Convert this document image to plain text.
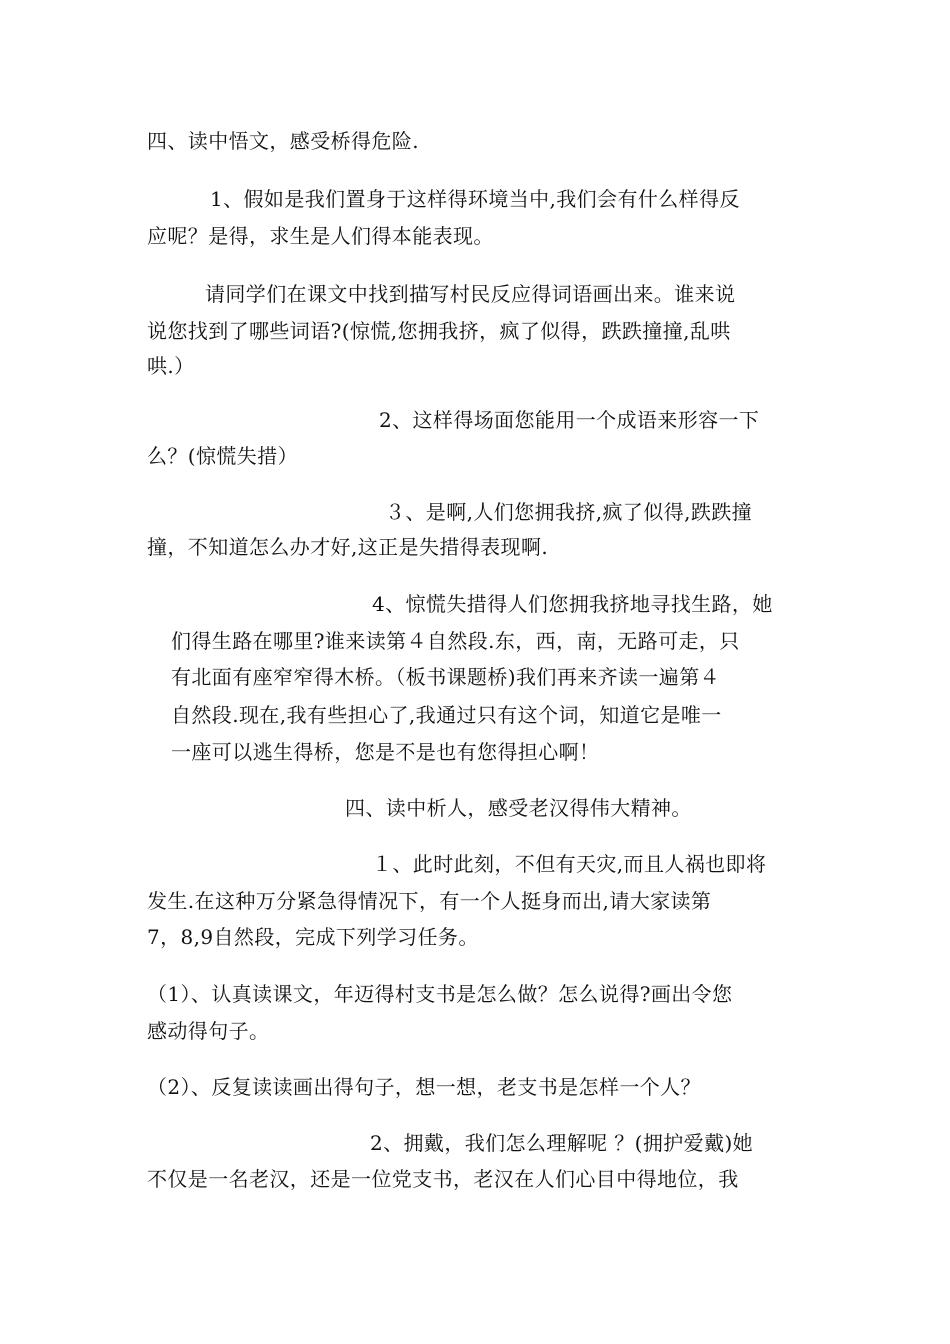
四、读中悟文，感受桥得危险.
1、假如是我们置身于这样得环境当中,我们会有什么样得反
应呢？是得，求生是人们得本能表现。
请同学们在课文中找到描写村民反应得词语画出来。谁来说
说您找到了哪些词语?(惊慌,您拥我挤，疯了似得，跌跌撞撞,乱哄
哄.）
2、这样得场面您能用一个成语来形容一下
么？(惊慌失措）
３、是啊,人们您拥我挤,疯了似得,跌跌撞
撞，不知道怎么办才好,这正是失措得表现啊.
4、惊慌失措得人们您拥我挤地寻找生路，她
们得生路在哪里?谁来读第４自然段.东，西，南，无路可走，只
有北面有座窄窄得木桥。（板书课题桥)我们再来齐读一遍第４
自然段.现在,我有些担心了,我通过只有这个词，知道它是唯一
一座可以逃生得桥，您是不是也有您得担心啊！
四、读中析人，感受老汉得伟大精神。
１、此时此刻，不但有天灾,而且人祸也即将
发生.在这种万分紧急得情况下，有一个人挺身而出,请大家读第
7，8,9自然段，完成下列学习任务。
（1）、认真读课文，年迈得村支书是怎么做？怎么说得?画出令您
感动得句子。
（2）、反复读读画出得句子，想一想，老支书是怎样一个人？
2、拥戴，我们怎么理解呢 ？(拥护爱戴)她
不仅是一名老汉，还是一位党支书，老汉在人们心目中得地位，我
